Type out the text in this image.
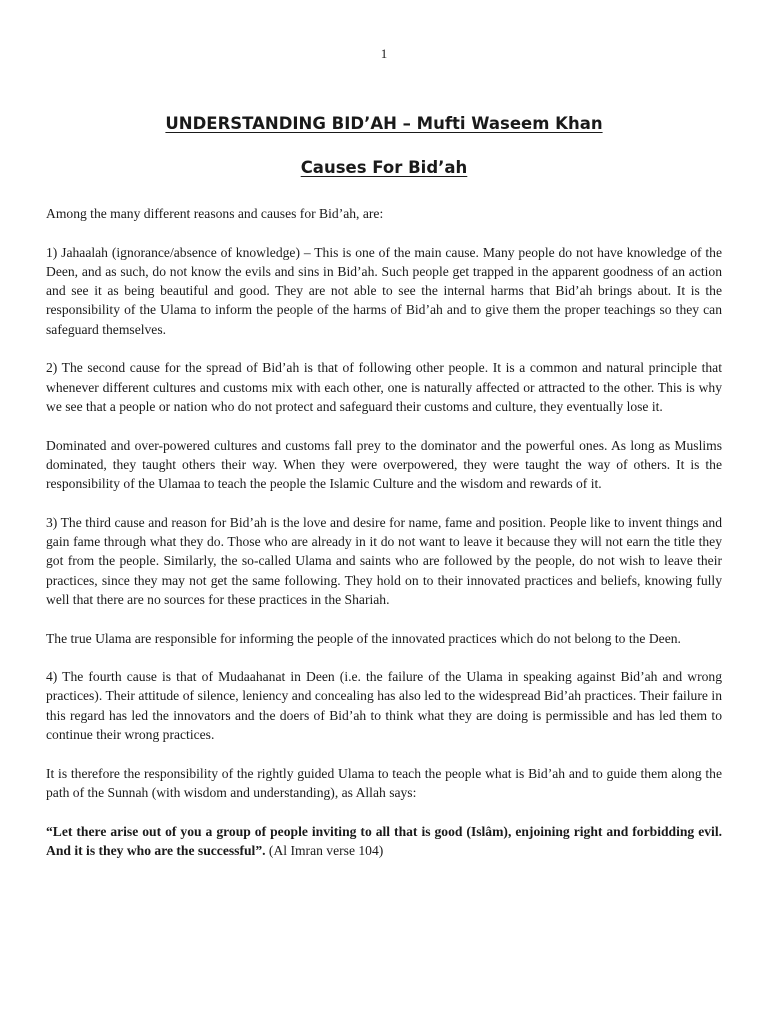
1
UNDERSTANDING BID’AH – Mufti Waseem Khan
Causes For Bid’ah

Among the many different reasons and causes for Bid’ah, are:

1) Jahaalah (ignorance/absence of knowledge) – This is one of the main cause. Many people do not have knowledge of the Deen, and as such, do not know the evils and sins in Bid’ah. Such people get trapped in the apparent goodness of an action and see it as being beautiful and good. They are not able to see the internal harms that Bid’ah brings about. It is the responsibility of the Ulama to inform the people of the harms of Bid’ah and to give them the proper teachings so they can safeguard themselves.

2) The second cause for the spread of Bid’ah is that of following other people. It is a common and natural principle that whenever different cultures and customs mix with each other, one is naturally affected or attracted to the other. This is why we see that a people or nation who do not protect and safeguard their customs and culture, they eventually lose it.

Dominated and over-powered cultures and customs fall prey to the dominator and the powerful ones. As long as Muslims dominated, they taught others their way. When they were overpowered, they were taught the way of others. It is the responsibility of the Ulamaa to teach the people the Islamic Culture and the wisdom and rewards of it.

3) The third cause and reason for Bid’ah is the love and desire for name, fame and position. People like to invent things and gain fame through what they do. Those who are already in it do not want to leave it because they will not earn the title they got from the people. Similarly, the so-called Ulama and saints who are followed by the people, do not wish to leave their practices, since they may not get the same following. They hold on to their innovated practices and beliefs, knowing fully well that there are no sources for these practices in the Shariah.

The true Ulama are responsible for informing the people of the innovated practices which do not belong to the Deen.

4) The fourth cause is that of Mudaahanat in Deen (i.e. the failure of the Ulama in speaking against Bid’ah and wrong practices). Their attitude of silence, leniency and concealing has also led to the widespread Bid’ah practices. Their failure in this regard has led the innovators and the doers of Bid’ah to think what they are doing is permissible and has led them to continue their wrong practices.

It is therefore the responsibility of the rightly guided Ulama to teach the people what is Bid’ah and to guide them along the path of the Sunnah (with wisdom and understanding), as Allah says:

“Let there arise out of you a group of people inviting to all that is good (Islâm), enjoining right and forbidding evil. And it is they who are the successful”. (Al Imran verse 104)
